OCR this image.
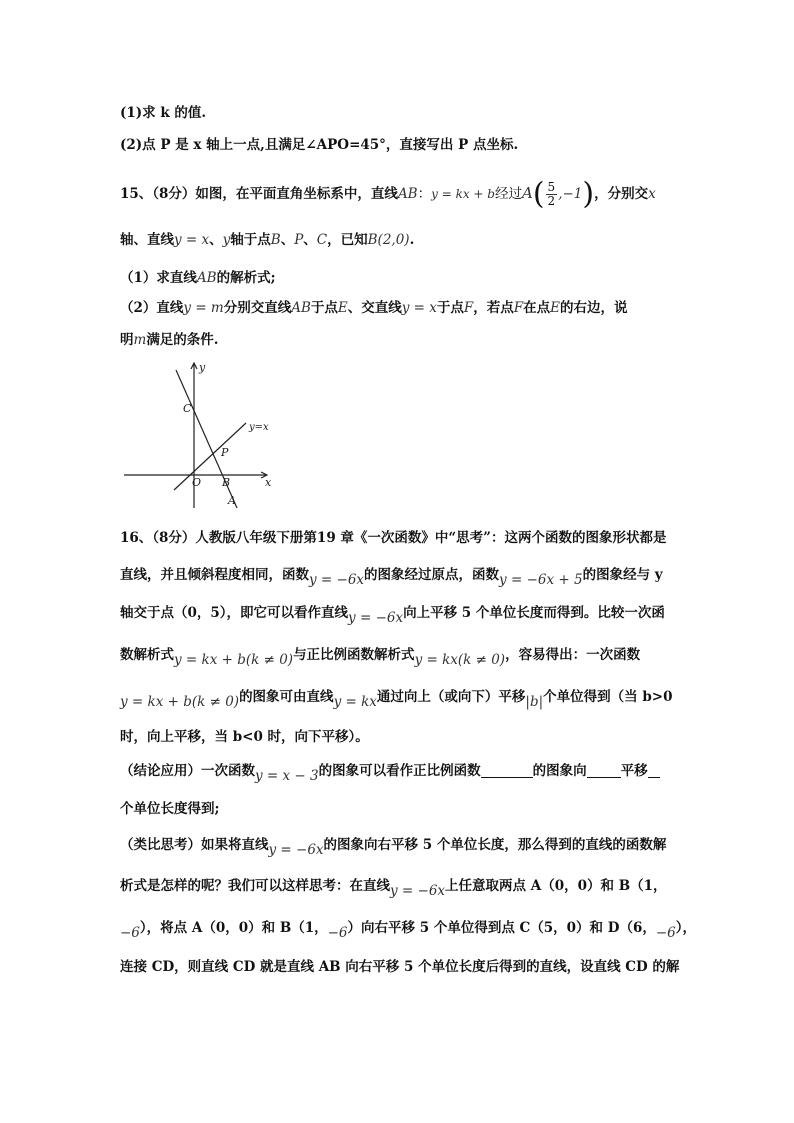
(1)求 k 的值.
(2)点 P 是 x 轴上一点,且满足∠APO=45°，直接写出 P 点坐标.
15、（8分）如图，在平面直角坐标系中，直线AB：y = kx + b经过$A( \frac{5}{2} ,-1)$，分别交x
轴、直线y = x、y轴于点B、P、C，已知B(2,0).
（1）求直线AB的解析式;
（2）直线y = m分别交直线AB于点E、交直线y = x于点F，若点F在点E的右边，说
明m满足的条件.
y
C
y=x
P
O B	x
A
16、（8分）人教版八年级下册第19 章《一次函数》中“思考”：这两个函数的图象形状都是
直线，并且倾斜程度相同，函数y = −6x的图象经过原点，函数y = −6x + 5的图象经与 y
轴交于点（0，5），即它可以看作直线y = −6x向上平移 5 个单位长度而得到。比较一次函
数解析式y = kx + b(k ≠ 0)与正比例函数解析式y = kx(k ≠ 0)，容易得出：一次函数
y = kx + b(k ≠ 0)的图象可由直线y = kx通过向上（或向下）平移|b|个单位得到（当 b>0
时，向上平移，当 b<0 时，向下平移）。
（结论应用）一次函数y = x − 3的图象可以看作正比例函数	的图象向	平移
个单位长度得到;
（类比思考）如果将直线y = −6x的图象向右平移 5 个单位长度，那么得到的直线的函数解
析式是怎样的呢？我们可以这样思考：在直线y = −6x上任意取两点 A（0，0）和 B（1，
−6），将点 A（0，0）和 B（1，−6）向右平移 5 个单位得到点 C（5，0）和 D（6，−6），
连接 CD，则直线 CD 就是直线 AB 向右平移 5 个单位长度后得到的直线，设直线 CD 的解
